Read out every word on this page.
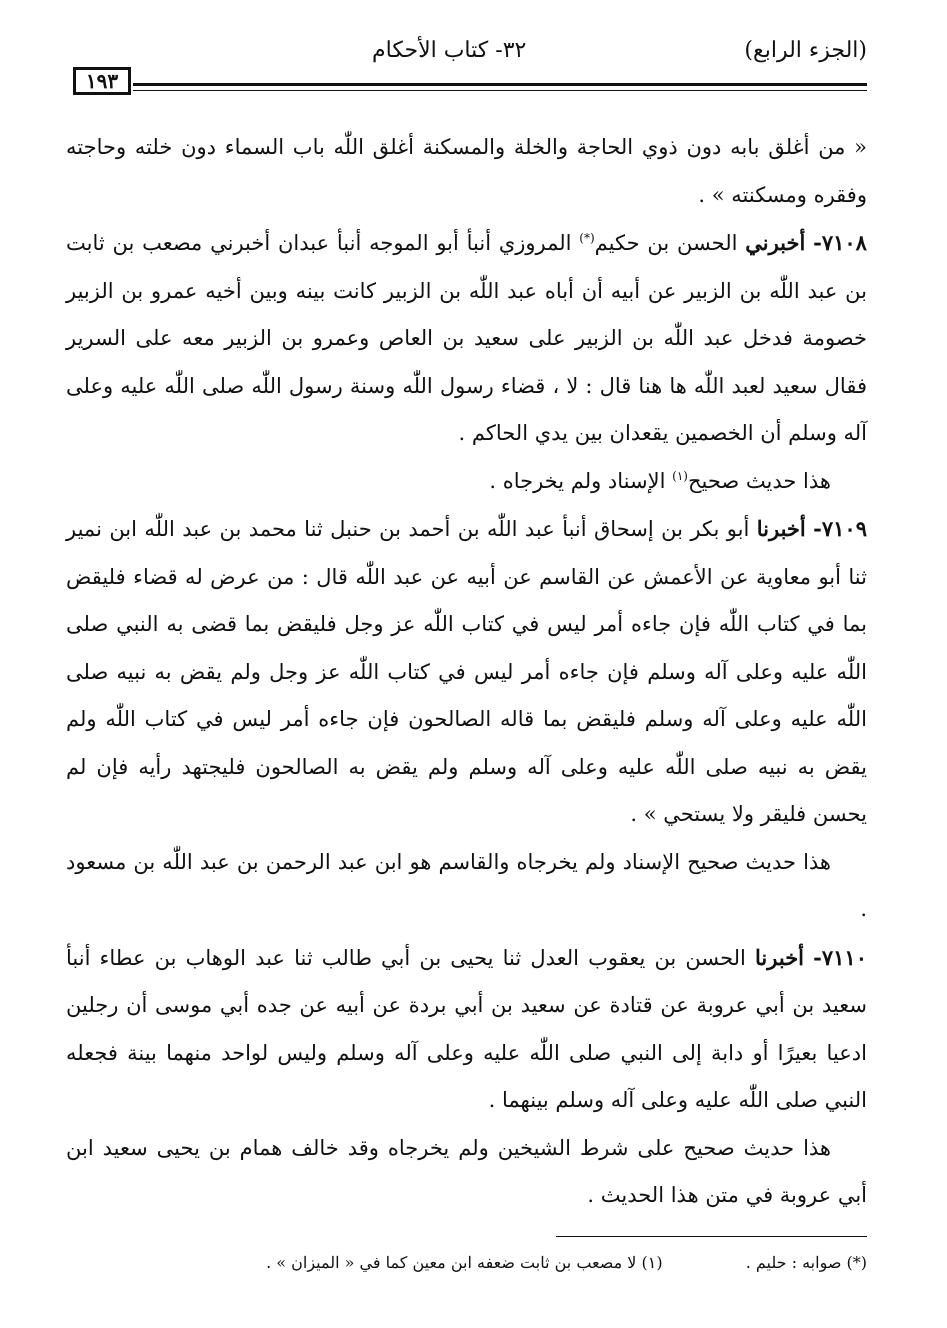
(الجزء الرابع)
٣٢- كتاب الأحكام
١٩٣

« من أغلق بابه دون ذوي الحاجة والخلة والمسكنة أغلق اللّٰه باب السماء دون خلته وحاجته وفقره ومسكنته » .

٧١٠٨- أخبرني الحسن بن حكيم(*) المروزي أنبأ أبو الموجه أنبأ عبدان أخبرني مصعب بن ثابت بن عبد اللّٰه بن الزبير عن أبيه أن أباه عبد اللّٰه بن الزبير كانت بينه وبين أخيه عمرو بن الزبير خصومة فدخل عبد اللّٰه بن الزبير على سعيد بن العاص وعمرو بن الزبير معه على السرير فقال سعيد لعبد اللّٰه ها هنا قال : لا ، قضاء رسول اللّٰه وسنة رسول اللّٰه صلى اللّٰه عليه وعلى آله وسلم أن الخصمين يقعدان بين يدي الحاكم .

هذا حديث صحيح$^{(١)}$ الإسناد ولم يخرجاه .

٧١٠٩- أخبرنا أبو بكر بن إسحاق أنبأ عبد اللّٰه بن أحمد بن حنبل ثنا محمد بن عبد اللّٰه ابن نمير ثنا أبو معاوية عن الأعمش عن القاسم عن أبيه عن عبد اللّٰه قال : من عرض له قضاء فليقض بما في كتاب اللّٰه فإن جاءه أمر ليس في كتاب اللّٰه عز وجل فليقض بما قضى به النبي صلى اللّٰه عليه وعلى آله وسلم فإن جاءه أمر ليس في كتاب اللّٰه عز وجل ولم يقض به نبيه صلى اللّٰه عليه وعلى آله وسلم فليقض بما قاله الصالحون فإن جاءه أمر ليس في كتاب اللّٰه ولم يقض به نبيه صلى اللّٰه عليه وعلى آله وسلم ولم يقض به الصالحون فليجتهد رأيه فإن لم يحسن فليقر ولا يستحي » .

هذا حديث صحيح الإسناد ولم يخرجاه والقاسم هو ابن عبد الرحمن بن عبد اللّٰه بن مسعود .

٧١١٠- أخبرنا الحسن بن يعقوب العدل ثنا يحيى بن أبي طالب ثنا عبد الوهاب بن عطاء أنبأ سعيد بن أبي عروبة عن قتادة عن سعيد بن أبي بردة عن أبيه عن جده أبي موسى أن رجلين ادعيا بعيرًا أو دابة إلى النبي صلى اللّٰه عليه وعلى آله وسلم وليس لواحد منهما بينة فجعله النبي صلى اللّٰه عليه وعلى آله وسلم بينهما .

هذا حديث صحيح على شرط الشيخين ولم يخرجاه وقد خالف همام بن يحيى سعيد ابن أبي عروبة في متن هذا الحديث .

(*) صوابه : حليم . (١) لا مصعب بن ثابت ضعفه ابن معين كما في « الميزان » .
